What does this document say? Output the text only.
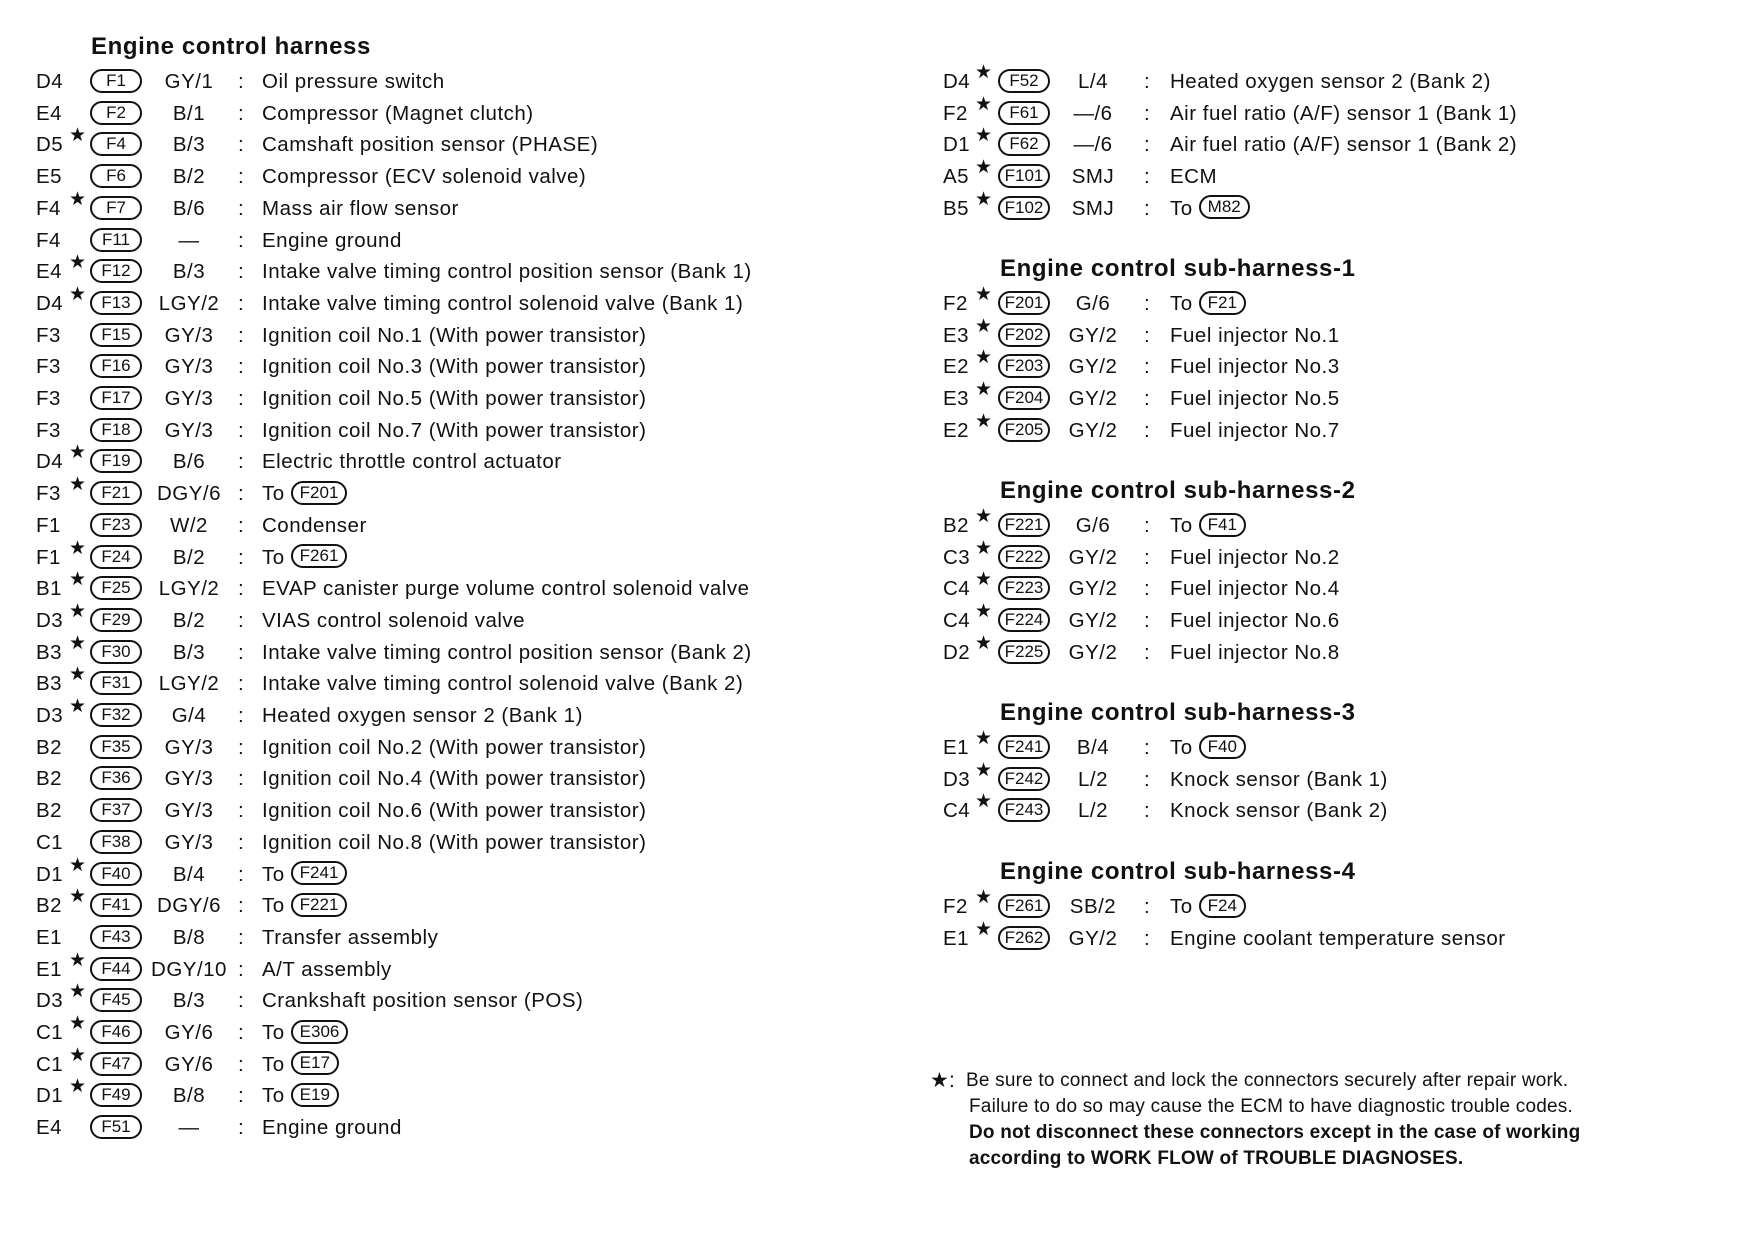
Engine control harness
D4	F1	GY/1	: Oil pressure switch
E4	F2	B/1	: Compressor (Magnet clutch)
D5 ★	F4	B/3	: Camshaft position sensor (PHASE)
E5	F6	B/2	: Compressor (ECV solenoid valve)
F4 ★	F7	B/6	: Mass air flow sensor
F4	F11	—	: Engine ground
E4 ★ F12	B/3	: Intake valve timing control position sensor (Bank 1)
D4 ★ F13	LGY/2 : Intake valve timing control solenoid valve (Bank 1)
F3	F15	GY/3	: Ignition coil No.1 (With power transistor)
F3	F16	GY/3	: Ignition coil No.3 (With power transistor)
F3	F17	GY/3	: Ignition coil No.5 (With power transistor)
F3	F18	GY/3	: Ignition coil No.7 (With power transistor)
D4 ★ F19	B/6	: Electric throttle control actuator
F3 ★ F21	DGY/6 : To F201
F1	F23	W/2	: Condenser
F1 ★ F24	B/2	: To F261
B1 ★ F25	LGY/2 : EVAP canister purge volume control solenoid valve
D3 ★ F29	B/2	: VIAS control solenoid valve
B3 ★ F30	B/3	: Intake valve timing control position sensor (Bank 2)
B3 ★ F31	LGY/2 : Intake valve timing control solenoid valve (Bank 2)
D3 ★ F32	G/4	: Heated oxygen sensor 2 (Bank 1)
B2	F35	GY/3	: Ignition coil No.2 (With power transistor)
B2	F36	GY/3	: Ignition coil No.4 (With power transistor)
B2	F37	GY/3	: Ignition coil No.6 (With power transistor)
C1	F38	GY/3	: Ignition coil No.8 (With power transistor)
D1 ★ F40	B/4	: To F241
B2 ★ F41	DGY/6 : To F221
E1	F43	B/8	: Transfer assembly
E1 ★ F44 DGY/10 : A/T assembly
D3 ★ F45	B/3	: Crankshaft position sensor (POS)
C1 ★ F46	GY/6	: To E306
C1 ★ F47	GY/6	: To E17
D1 ★ F49	B/8	: To E19
E4	F51	—	: Engine ground
D4 ★ F52	L/4	: Heated oxygen sensor 2 (Bank 2)
F2 ★ F61	—/6	: Air fuel ratio (A/F) sensor 1 (Bank 1)
D1 ★ F62	—/6	: Air fuel ratio (A/F) sensor 1 (Bank 2)
A5 ★ F101	SMJ	: ECM
B5 ★ F102	SMJ	: To M82
Engine control sub-harness-1
F2 ★ F201	G/6	: To F21
E3 ★ F202	GY/2	: Fuel injector No.1
E2 ★ F203	GY/2	: Fuel injector No.3
E3 ★ F204	GY/2	: Fuel injector No.5
E2 ★ F205	GY/2	: Fuel injector No.7
Engine control sub-harness-2
B2 ★ F221	G/6	: To F41
C3 ★ F222	GY/2	: Fuel injector No.2
C4 ★ F223	GY/2	: Fuel injector No.4
C4 ★ F224	GY/2	: Fuel injector No.6
D2 ★ F225	GY/2	: Fuel injector No.8
Engine control sub-harness-3
E1 ★ F241	B/4	: To F40
D3 ★ F242	L/2	: Knock sensor (Bank 1)
C4 ★ F243	L/2	: Knock sensor (Bank 2)
Engine control sub-harness-4
F2 ★ F261	SB/2	: To F24
E1 ★ F262	GY/2	: Engine coolant temperature sensor
★: Be sure to connect and lock the connectors securely after repair work.
Failure to do so may cause the ECM to have diagnostic trouble codes.
Do not disconnect these connectors except in the case of working
according to WORK FLOW of TROUBLE DIAGNOSES.
